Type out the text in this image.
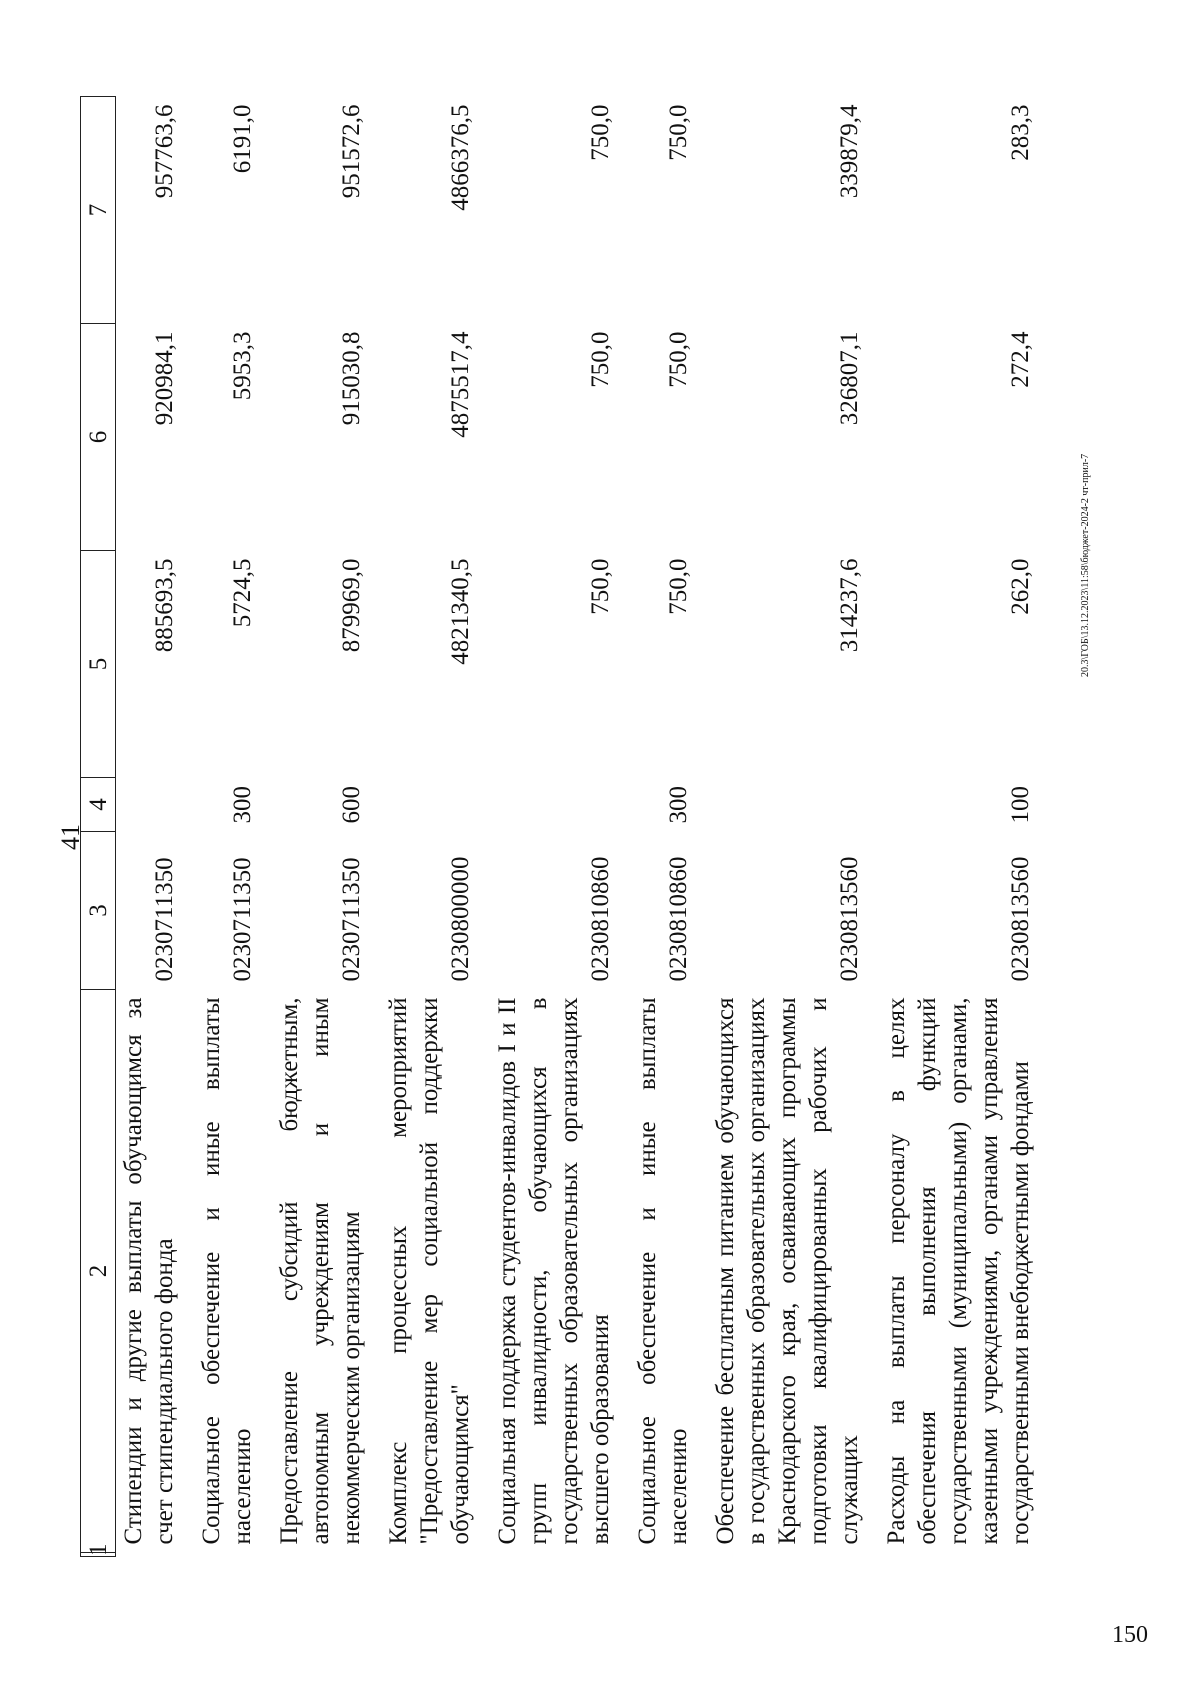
150
41
1	2	3	4	5	6	7
	Стипендии и другие выплаты обучающимся за счет стипендиального фонда	0230711350		885693,5	920984,1	957763,6
	Социальное обеспечение и иные выплаты населению	0230711350	300	5724,5	5953,3	6191,0
	Предоставление субсидий бюджетным, автономным учреждениям и иным некоммерческим организациям	0230711350	600	879969,0	915030,8	951572,6
	Комплекс процессных мероприятий "Предоставление мер социальной поддержки обучающимся"	0230800000		4821340,5	4875517,4	4866376,5
	Социальная поддержка студентов-инвалидов I и II групп инвалидности, обучающихся в государственных образовательных организациях высшего образования	0230810860		750,0	750,0	750,0
	Социальное обеспечение и иные выплаты населению	0230810860	300	750,0	750,0	750,0
	Обеспечение бесплатным питанием обучающихся в государственных образовательных организациях Краснодарского края, осваивающих программы подготовки квалифицированных рабочих и служащих	0230813560		314237,6	326807,1	339879,4
	Расходы на выплаты персоналу в целях обеспечения выполнения функций государственными (муниципальными) органами, казенными учреждениями, органами управления государственными внебюджетными фондами	0230813560	100	262,0	272,4	283,3
20.3\ГОБ\13.12.2023\11:58\бюджет-2024-2 чт-прил-7
